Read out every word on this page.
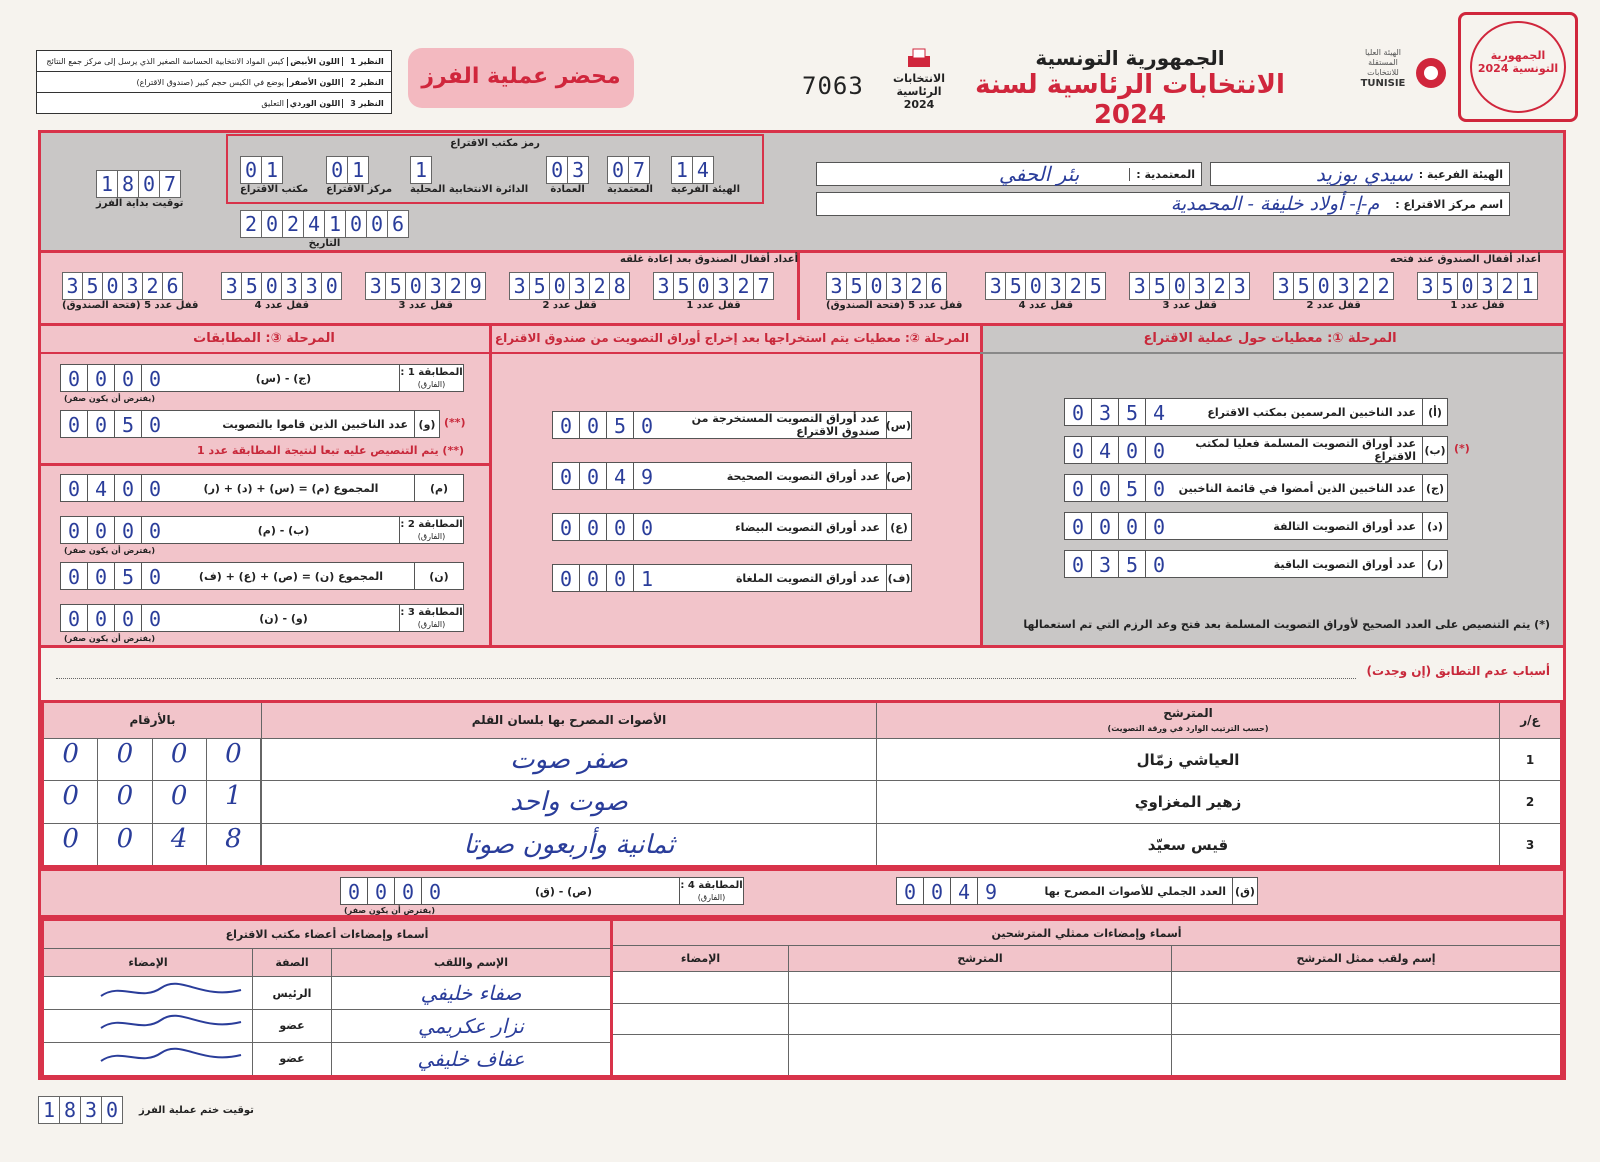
النظير 1
اللون الأبيض
كيس المواد الانتخابية الحساسة الصغير الذي يرسل إلى مركز جمع النتائج
النظير 2
اللون الأصفر
يوضع في الكيس حجم كبير (صندوق الاقتراع)
النظير 3
اللون الوردي
التعليق
محضر عملية الفرز	7063	الانتخابات الرئاسية 2024
الجمهورية التونسية
الانتخابات الرئاسية لسنة 2024
الهيئة العليا المستقلة للانتخابات
TUNISIE
الجمهورية التونسية 2024
1 8 0 7
توقيت بداية الفرز
رمز مكتب الاقتراع
1 4
الهيئة الفرعية
0 7
المعتمدية
0 3
العمادة
1
الدائرة الانتخابية المحلية
0 1
مركز الاقتراع
0 1
مكتب الاقتراع
2 0 2 4 1 0 0 6
التاريخ
الهيئة الفرعية :
سيدي بوزيد
المعتمدية :
بئر الحفي
اسم مركز الاقتراع :
م-إ- أولاد خليفة - المحمدية
أعداد أقفال الصندوق عند فتحه
أعداد أقفال الصندوق بعد إعادة غلقه
3 5 0 3 2 1
قفل عدد 1
3 5 0 3 2 2
قفل عدد 2
3 5 0 3 2 3
قفل عدد 3
3 5 0 3 2 5
قفل عدد 4
3 5 0 3 2 6
قفل عدد 5 (فتحة الصندوق)
3 5 0 3 2 7
قفل عدد 1
3 5 0 3 2 8
قفل عدد 2
3 5 0 3 2 9
قفل عدد 3
3 5 0 3 3 0
قفل عدد 4
3 5 0 3 2 6
قفل عدد 5 (فتحة الصندوق)
المرحلة ①: معطيات حول عملية الاقتراع
المرحلة ②: معطيات يتم استخراجها بعد إخراج أوراق التصويت من صندوق الاقتراع
المرحلة ③: المطابقات
(أ)
عدد الناخبين المرسمين بمكتب الاقتراع
0 3 5 4
(ب)
عدد أوراق التصويت المسلمة فعليا لمكتب الاقتراع
0 4 0 0	(*)
(ج)
عدد الناخبين الذين أمضوا في قائمة الناخبين
0 0 5 0
(د)
عدد أوراق التصويت التالفة
0 0 0 0
(ر)
عدد أوراق التصويت الباقية
0 3 5 0
(*) يتم التنصيص على العدد الصحيح لأوراق التصويت المسلمة بعد فتح وعد الرزم التي تم استعمالها
(س)
عدد أوراق التصويت المستخرجة من صندوق الاقتراع
0 0 5 0
(ص)
عدد أوراق التصويت الصحيحة
0 0 4 9
(ع)
عدد أوراق التصويت البيضاء
0 0 0 0
(ف)
عدد أوراق التصويت الملغاة
0 0 0 1
المطابقة 1 :
(الفارق)
(ج) - (س)
0 0 0 0
(يفترض أن يكون صفر)
(و)
عدد الناخبين الذين قاموا بالتصويت
0 0 5 0	(**)
(**) يتم التنصيص عليه تبعا لنتيجة المطابقة عدد 1
(م)
المجموع (م) = (س) + (د) + (ر)
0 4 0 0
المطابقة 2 :
(الفارق)
(ب) - (م)
0 0 0 0
(يفترض أن يكون صفر)
(ن)
المجموع (ن) = (ص) + (ع) + (ف)
0 0 5 0
المطابقة 3 :
(الفارق)
(و) - (ن)
0 0 0 0
(يفترض أن يكون صفر)
أسباب عدم التطابق (إن وجدت)
ع/ر	المترشح
(حسب الترتيب الوارد في ورقة التصويت)	الأصوات المصرح بها بلسان القلم	بالأرقام
1	العياشي زمّال	صفر صوت	0 0 0 0

2	زهير المغزاوي	صوت واحد	0 0 0 1

3	قيس سعيّد	ثمانية وأربعون صوتا	0 0 4 8
(ق)
العدد الجملي للأصوات المصرح بها
0 0 4 9
المطابقة 4 :
(الفارق)
(ص) - (ق)
0 0 0 0
(يفترض أن يكون صفر)
أسماء وإمضاءات ممثلي المترشحين		
إسم ولقب ممثل المترشح	المترشح	الإمضاء

أسماء وإمضاءات أعضاء مكتب الاقتراع		
الإسم واللقب	الصفة	الإمضاء
صفاء خليفي	الرئيس	
نزار عكريمي	عضو	
عفاف خليفي	عضو	
1 8 3 0	توقيت ختم عملية الفرز
